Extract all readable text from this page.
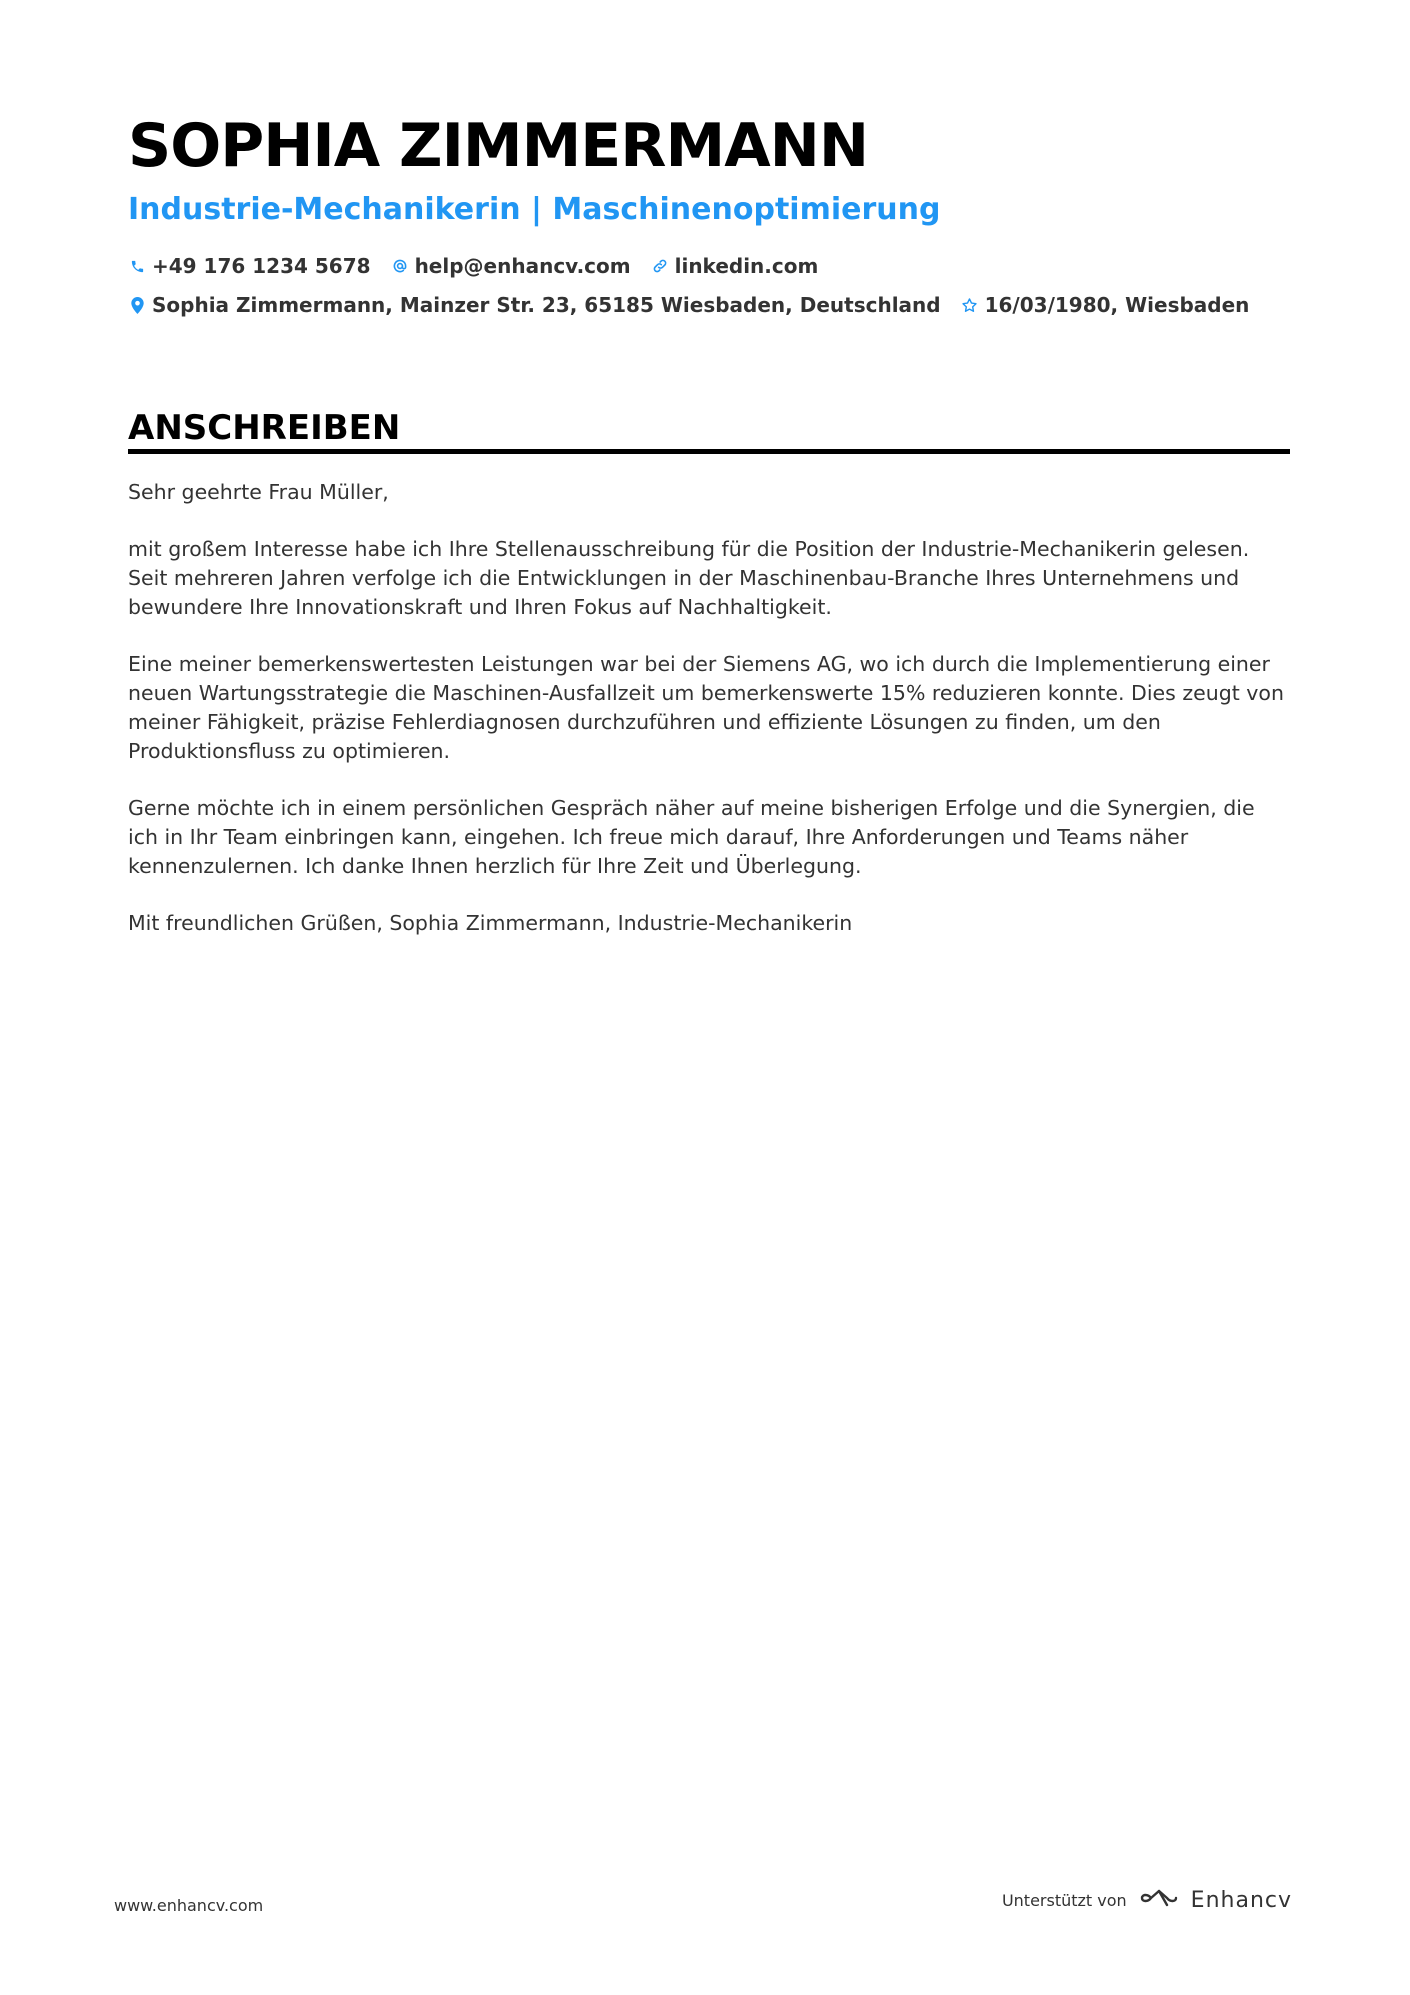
SOPHIA ZIMMERMANN
Industrie-Mechanikerin | Maschinenoptimierung
+49 176 1234 5678 help@enhancv.com linkedin.com
Sophia Zimmermann, Mainzer Str. 23, 65185 Wiesbaden, Deutschland 16/03/1980, Wiesbaden
ANSCHREIBEN

Sehr geehrte Frau Müller,

mit großem Interesse habe ich Ihre Stellenausschreibung für die Position der Industrie-Mechanikerin gelesen. Seit mehreren Jahren verfolge ich die Entwicklungen in der Maschinenbau-Branche Ihres Unternehmens und bewundere Ihre Innovationskraft und Ihren Fokus auf Nachhaltigkeit.

Eine meiner bemerkenswertesten Leistungen war bei der Siemens AG, wo ich durch die Implementierung einer neuen Wartungsstrategie die Maschinen-Ausfallzeit um bemerkenswerte 15% reduzieren konnte. Dies zeugt von meiner Fähigkeit, präzise Fehlerdiagnosen durchzuführen und effiziente Lösungen zu finden, um den Produktionsfluss zu optimieren.

Gerne möchte ich in einem persönlichen Gespräch näher auf meine bisherigen Erfolge und die Synergien, die ich in Ihr Team einbringen kann, eingehen. Ich freue mich darauf, Ihre Anforderungen und Teams näher kennenzulernen. Ich danke Ihnen herzlich für Ihre Zeit und Überlegung.

Mit freundlichen Grüßen, Sophia Zimmermann, Industrie-Mechanikerin

www.enhancv.com	Unterstützt von	Enhancv
